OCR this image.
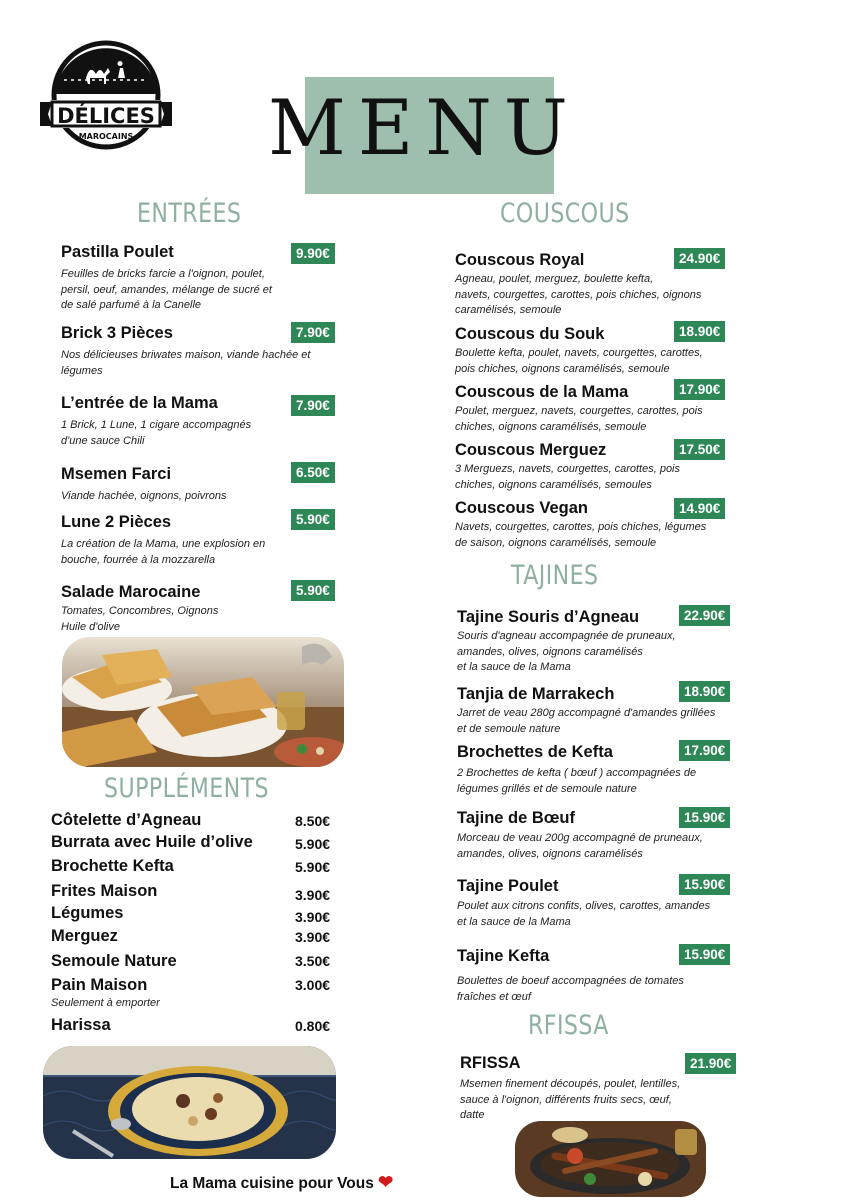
DÉLICES
MAROCAINS MENU
ENTRÉES	COUSCOUS
TAJINES
SUPPLÉMENTS
RFISSA
Pastilla Poulet	9.90€
Feuilles de bricks farcie a l'oignon, poulet,
persil, oeuf, amandes, mélange de sucré et
de salé parfumé à la Canelle
Brick 3 Pièces	7.90€
Nos délicieuses briwates maison, viande hachée et
légumes
L’entrée de la Mama	7.90€
1 Brick, 1 Lune, 1 cigare accompagnés
d'une sauce Chili
Msemen Farci	6.50€
Viande hachée, oignons, poivrons
Lune 2 Pièces	5.90€
La création de la Mama, une explosion en
bouche, fourrée à la mozzarella
Salade Marocaine	5.90€
Tomates, Concombres, Oignons
Huile d'olive
Côtelette d’Agneau	8.50€
Burrata avec Huile d’olive	5.90€
Brochette Kefta	5.90€
Frites Maison	3.90€
Légumes	3.90€
Merguez	3.90€
Semoule Nature	3.50€
Pain Maison	3.00€
Seulement à emporter
Harissa	0.80€
Couscous Royal	24.90€
Agneau, poulet, merguez, boulette kefta,
navets, courgettes, carottes, pois chiches, oignons
caramélisés, semoule
Couscous du Souk	18.90€
Boulette kefta, poulet, navets, courgettes, carottes,
pois chiches, oignons caramélisés, semoule
Couscous de la Mama	17.90€
Poulet, merguez, navets, courgettes, carottes, pois
chiches, oignons caramélisés, semoule
Couscous Merguez	17.50€
3 Merguezs, navets, courgettes, carottes, pois
chiches, oignons caramélisés, semoules
Couscous Vegan	14.90€
Navets, courgettes, carottes, pois chiches, légumes
de saison, oignons caramélisés, semoule
Tajine Souris d’Agneau	22.90€
Souris d'agneau accompagnée de pruneaux,
amandes, olives, oignons caramélisés
et la sauce de la Mama
Tanjia de Marrakech	18.90€
Jarret de veau 280g accompagné d'amandes grillées
et de semoule nature
Brochettes de Kefta	17.90€
2 Brochettes de kefta ( bœuf ) accompagnées de
légumes grillés et de semoule nature
Tajine de Bœuf	15.90€
Morceau de veau 200g accompagné de pruneaux,
amandes, olives, oignons caramélisés
Tajine Poulet	15.90€
Poulet aux citrons confits, olives, carottes, amandes
et la sauce de la Mama
Tajine Kefta	15.90€
Boulettes de boeuf accompagnées de tomates
fraîches et œuf
RFISSA	21.90€
Msemen finement découpés, poulet, lentilles,
sauce à l'oignon, différents fruits secs, œuf,
datte
La Mama cuisine pour Vous ❤
